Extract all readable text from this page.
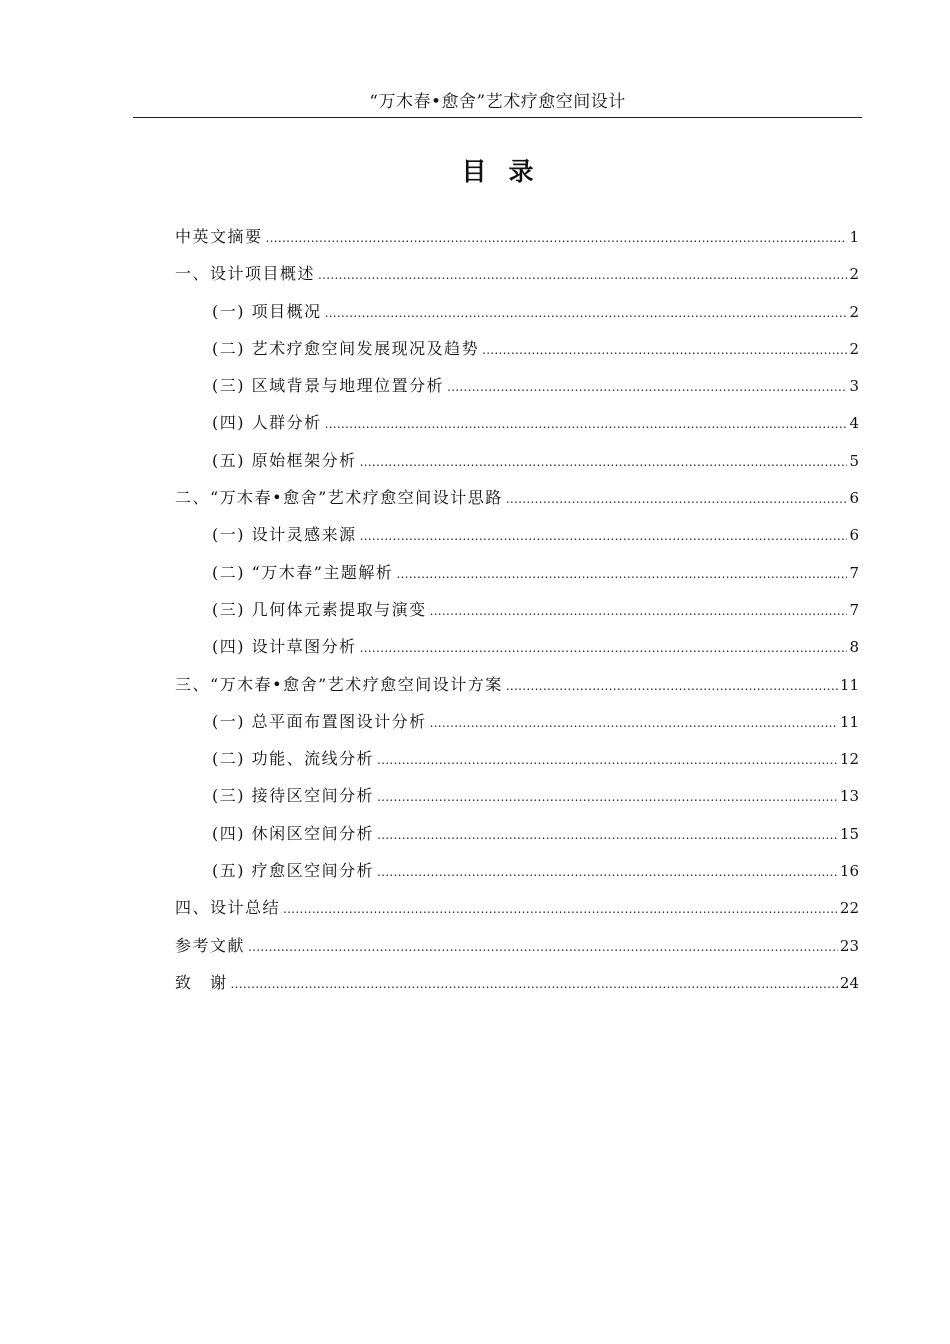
“万木春•愈舍”艺术疗愈空间设计
目 录
中英文摘要 .....	1
一、设计项目概述 .....	2
(一) 项目概况 .....	2
(二) 艺术疗愈空间发展现况及趋势 .....	2
(三) 区域背景与地理位置分析 .....	3
(四) 人群分析 .....	4
(五) 原始框架分析 .....	5
二、“万木春•愈舍”艺术疗愈空间设计思路 .....	6
(一) 设计灵感来源 .....	6
(二) “万木春”主题解析 .....	7
(三) 几何体元素提取与演变 .....	7
(四) 设计草图分析 .....	8
三、“万木春•愈舍”艺术疗愈空间设计方案 .....	11
(一) 总平面布置图设计分析 .....	11
(二) 功能、流线分析 .....	12
(三) 接待区空间分析 .....	13
(四) 休闲区空间分析 .....	15
(五) 疗愈区空间分析 .....	16
四、设计总结 .....	22
参考文献 .....	23
致　谢 .....	24
